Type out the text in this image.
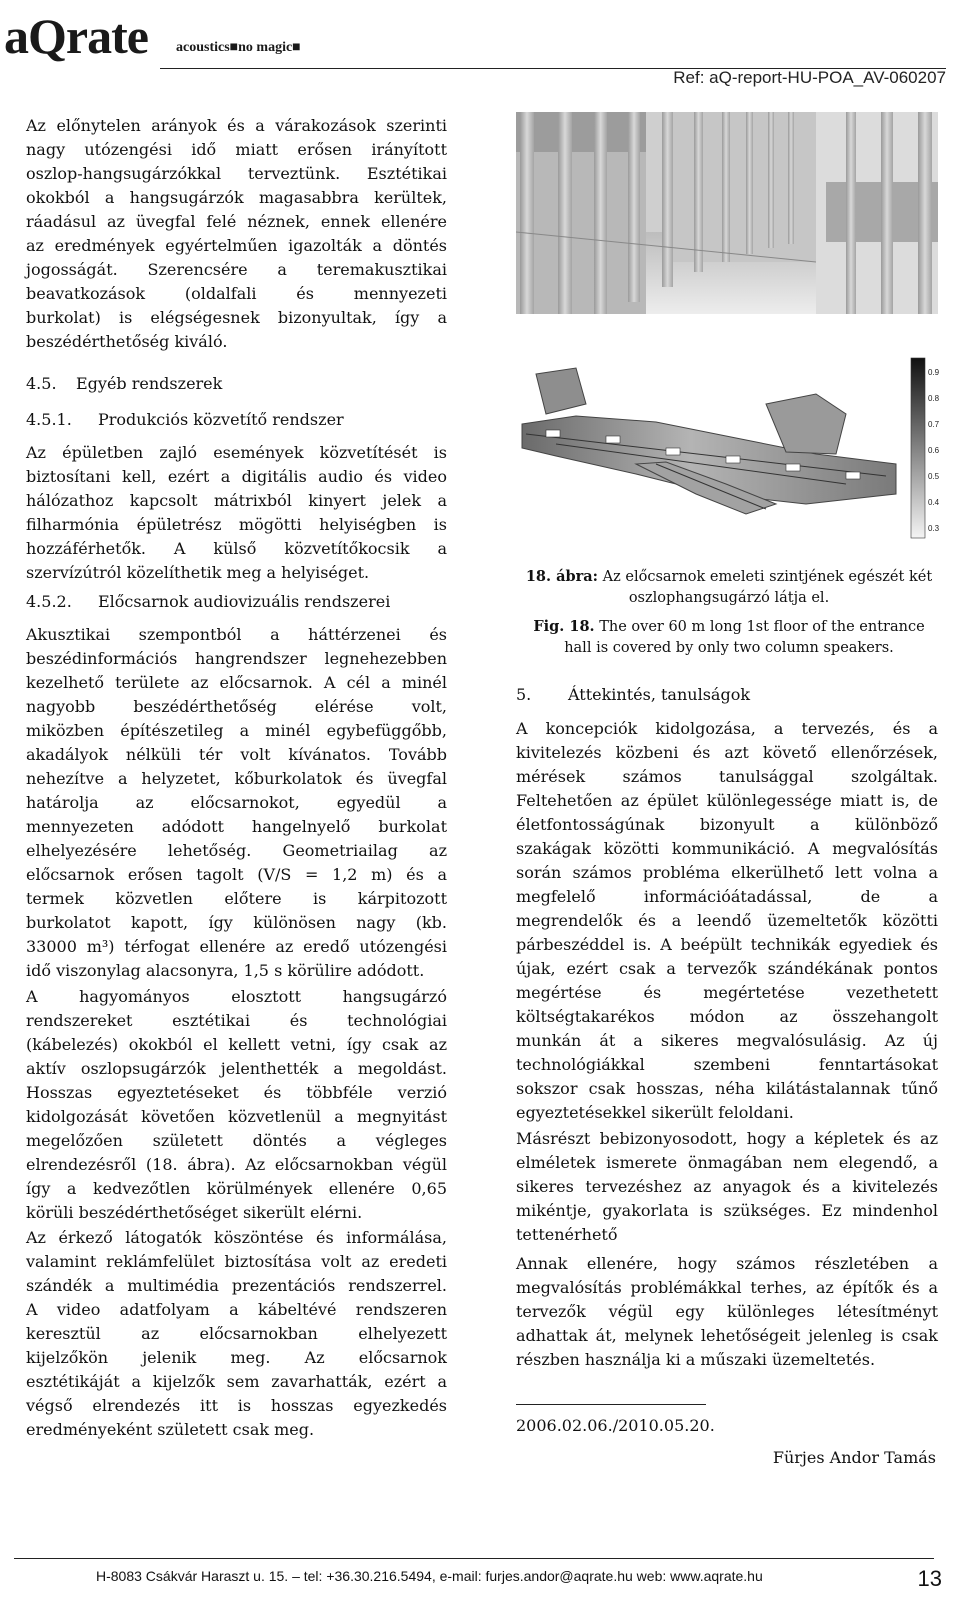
aQrate acoustics■no magic■
Ref: aQ-report-HU-POA_AV-060207
Az előnytelen arányok és a várakozások szerinti
nagy utózengési idő miatt erősen irányított
oszlop-hangsugárzókkal terveztünk. Esztétikai
okokból a hangsugárzók magasabbra kerültek,
ráadásul az üvegfal felé néznek, ennek ellenére
az eredmények egyértelműen igazolták a döntés
jogosságát. Szerencsére a teremakusztikai
beavatkozások (oldalfali és mennyezeti
burkolat) is elégségesnek bizonyultak, így a
beszédérthetőség kiváló.
4.5. Egyéb rendszerek
4.5.1. Produkciós közvetítő rendszer
Az épületben zajló események közvetítését is
biztosítani kell, ezért a digitális audio és video
hálózathoz kapcsolt mátrixból kinyert jelek a
filharmónia épületrész mögötti helyiségben is
hozzáférhetők. A külső közvetítőkocsik a
szervízútról közelíthetik meg a helyiséget.
4.5.2. Előcsarnok audiovizuális rendszerei
Akusztikai szempontból a háttérzenei és
beszédinformációs hangrendszer legnehezebben
kezelhető területe az előcsarnok. A cél a minél
nagyobb beszédérthetőség elérése volt,
miközben építészetileg a minél egybefüggőbb,
akadályok nélküli tér volt kívánatos. Tovább
nehezítve a helyzetet, kőburkolatok és üvegfal
határolja az előcsarnokot, egyedül a
mennyezeten adódott hangelnyelő burkolat
elhelyezésére lehetőség. Geometriailag az
előcsarnok erősen tagolt (V/S = 1,2 m) és a
termek közvetlen előtere is kárpitozott
burkolatot kapott, így különösen nagy (kb.
33000 m³) térfogat ellenére az eredő utózengési
idő viszonylag alacsonyra, 1,5 s körülire adódott.
A hagyományos elosztott hangsugárzó
rendszereket esztétikai és technológiai
(kábelezés) okokból el kellett vetni, így csak az
aktív oszlopsugárzók jelenthették a megoldást.
Hosszas egyeztetéseket és többféle verzió
kidolgozását követően közvetlenül a megnyitást
megelőzően született döntés a végleges
elrendezésről (18. ábra). Az előcsarnokban végül
így a kedvezőtlen körülmények ellenére 0,65
körüli beszédérthetőséget sikerült elérni.
Az érkező látogatók köszöntése és informálása,
valamint reklámfelület biztosítása volt az eredeti
szándék a multimédia prezentációs rendszerrel.
A video adatfolyam a kábeltévé rendszeren
keresztül az előcsarnokban elhelyezett
kijelzőkön jelenik meg. Az előcsarnok
esztétikáját a kijelzők sem zavarhatták, ezért a
végső elrendezés itt is hosszas egyezkedés
eredményeként született csak meg.
0.9
0.8
0.7
0.6
0.5
0.4
0.3
18. ábra: Az előcsarnok emeleti szintjének egészét két
oszlophangsugárzó látja el.
Fig. 18. The over 60 m long 1st floor of the entrance
hall is covered by only two column speakers.
5. Áttekintés, tanulságok
A koncepciók kidolgozása, a tervezés, és a
kivitelezés közbeni és azt követő ellenőrzések,
mérések számos tanulsággal szolgáltak.
Feltehetően az épület különlegessége miatt is, de
életfontosságúnak bizonyult a különböző
szakágak közötti kommunikáció. A megvalósítás
során számos probléma elkerülhető lett volna a
megfelelő információátadással, de a
megrendelők és a leendő üzemeltetők közötti
párbeszéddel is. A beépült technikák egyediek és
újak, ezért csak a tervezők szándékának pontos
megértése és megértetése vezethetett
költségtakarékos módon az összehangolt
munkán át a sikeres megvalósulásig. Az új
technológiákkal szembeni fenntartásokat
sokszor csak hosszas, néha kilátástalannak tűnő
egyeztetésekkel sikerült feloldani.
Másrészt bebizonyosodott, hogy a képletek és az
elméletek ismerete önmagában nem elegendő, a
sikeres tervezéshez az anyagok és a kivitelezés
mikéntje, gyakorlata is szükséges. Ez mindenhol
tettenérhető
Annak ellenére, hogy számos részletében a
megvalósítás problémákkal terhes, az építők és a
tervezők végül egy különleges létesítményt
adhattak át, melynek lehetőségeit jelenleg is csak
részben használja ki a műszaki üzemeltetés.
2006.02.06./2010.05.20.
Fürjes Andor Tamás
H-8083 Csákvár Haraszt u. 15. – tel: +36.30.216.5494, e-mail: furjes.andor@aqrate.hu web: www.aqrate.hu	13
